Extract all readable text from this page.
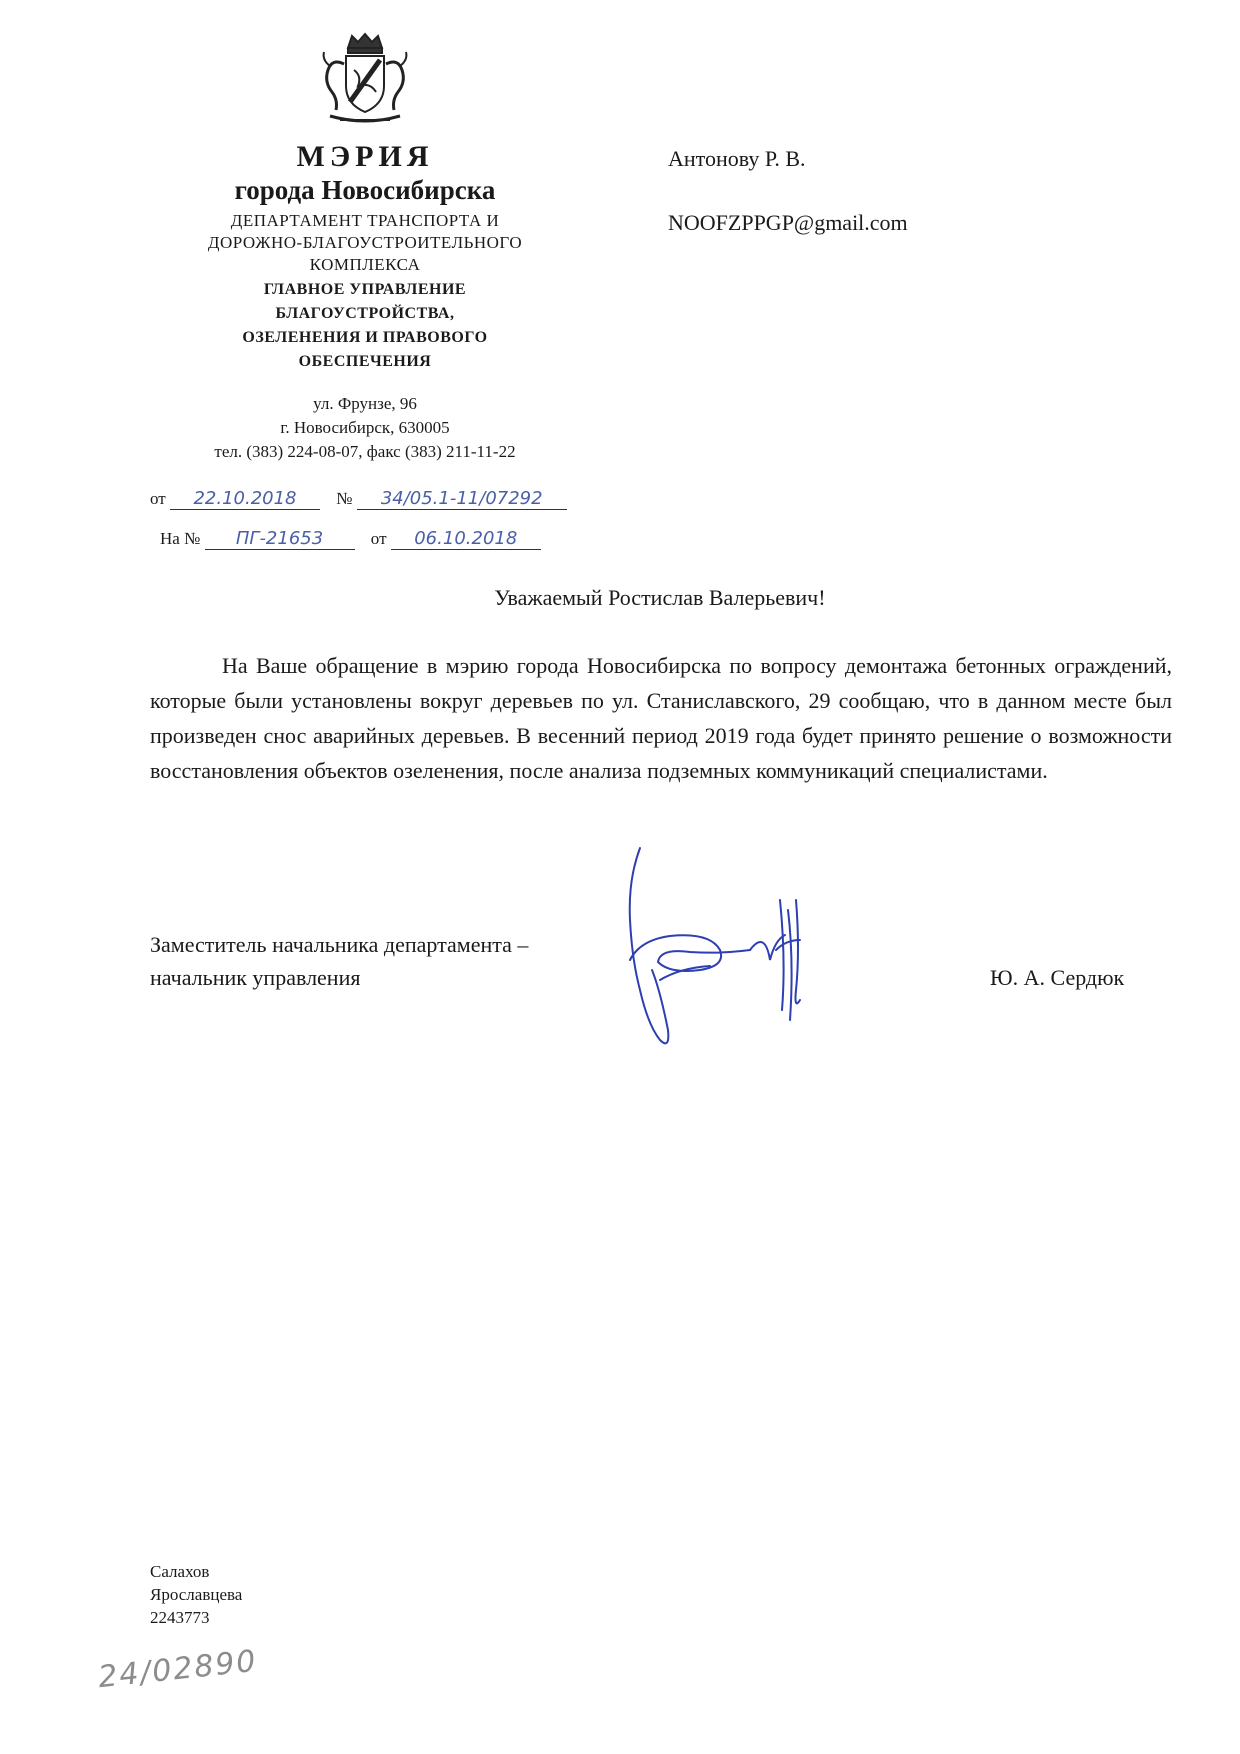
МЭРИЯ
города Новосибирска
ДЕПАРТАМЕНТ ТРАНСПОРТА И
ДОРОЖНО-БЛАГОУСТРОИТЕЛЬНОГО
КОМПЛЕКСА
ГЛАВНОЕ УПРАВЛЕНИЕ
БЛАГОУСТРОЙСТВА,
ОЗЕЛЕНЕНИЯ И ПРАВОВОГО
ОБЕСПЕЧЕНИЯ
ул. Фрунзе, 96
г. Новосибирск, 630005
тел. (383) 224-08-07, факс (383) 211-11-22
от 22.10.2018 № 34/05.1-11/07292
На № ПГ-21653	от 06.10.2018
Антонову Р. В.
NOOFZPPGP@gmail.com
Уважаемый Ростислав Валерьевич!
На Ваше обращение в мэрию города Новосибирска по вопросу демонтажа бетонных ограждений, которые были установлены вокруг деревьев по ул. Станиславского, 29 сообщаю, что в данном месте был произведен снос аварийных деревьев. В весенний период 2019 года будет принято решение о возможности восстановления объектов озеленения, после анализа подземных коммуникаций специалистами.
Заместитель начальника департамента –
начальник управления	Ю. А. Сердюк
Салахов
Ярославцева
2243773
24/02890
